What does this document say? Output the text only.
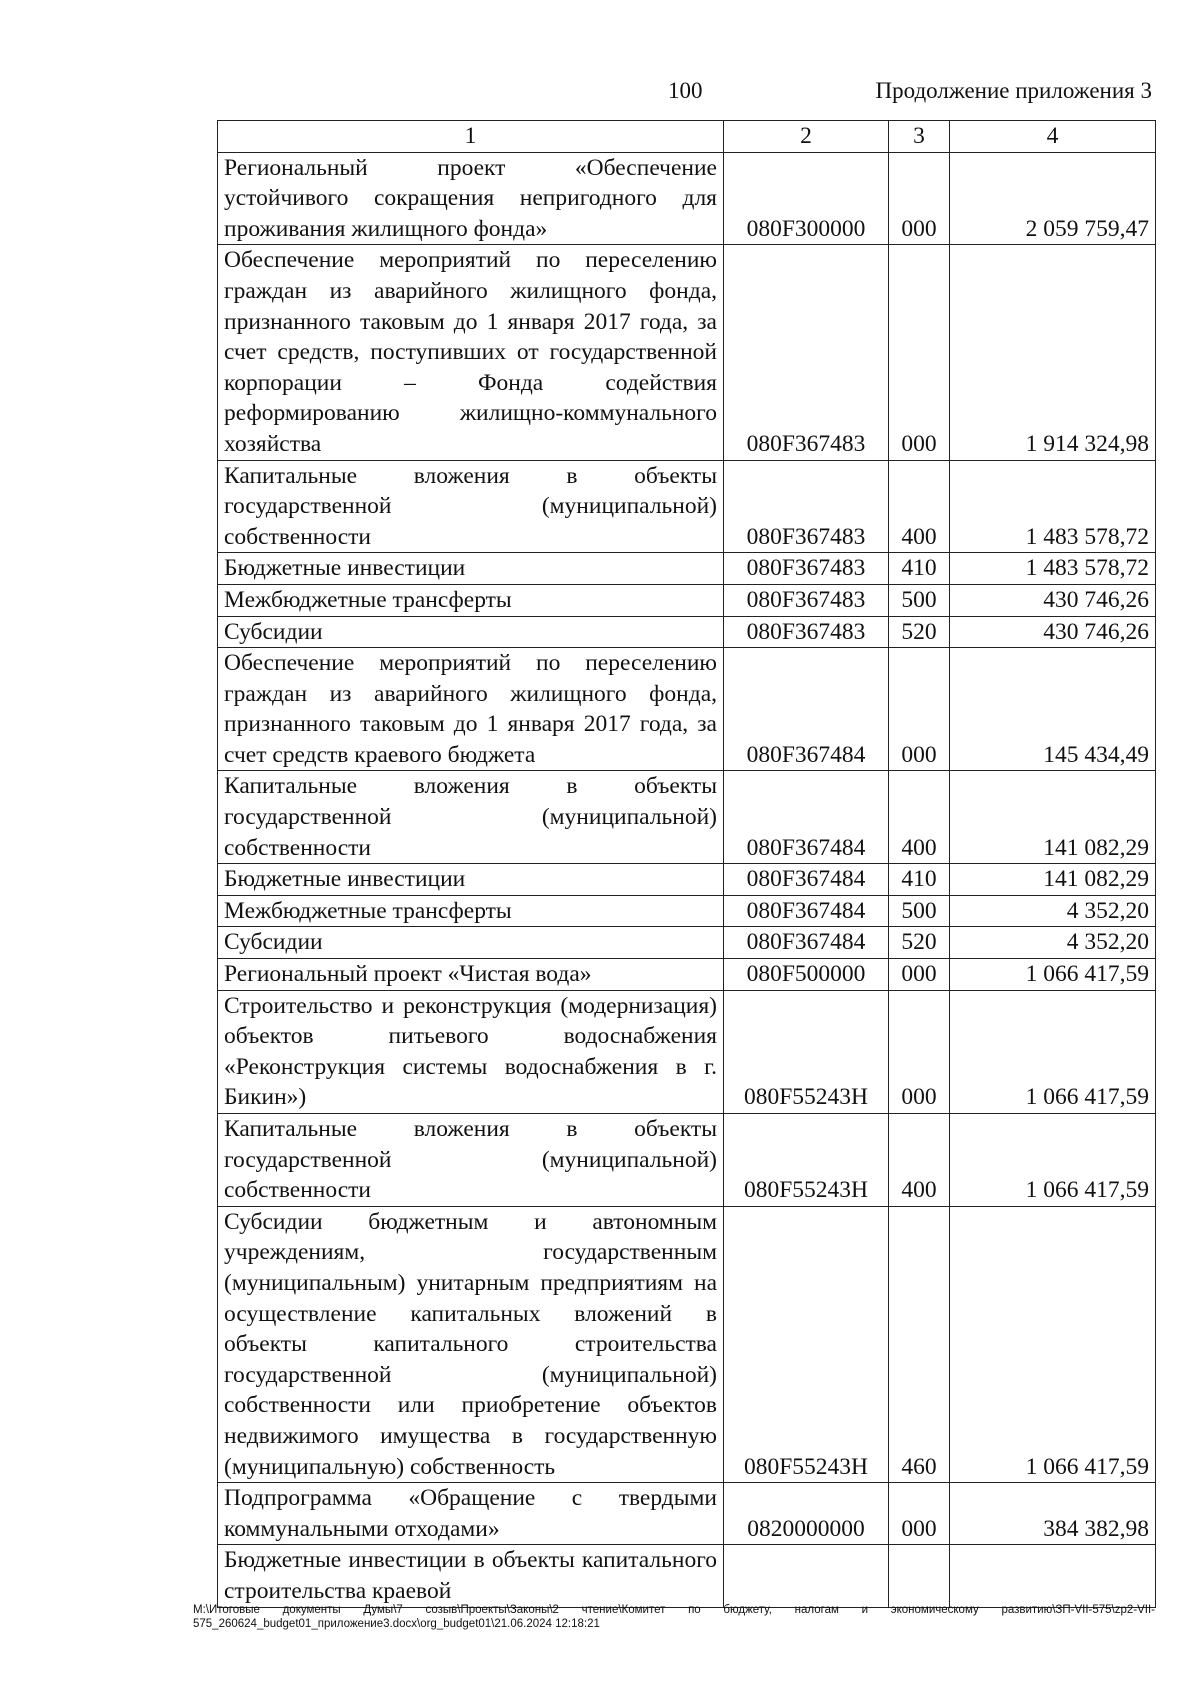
100	Продолжение приложения 3
1	2	3	4
Региональный проект «Обеспечение устойчивого сокращения непригодного для проживания жилищного фонда»	080F300000	000	2 059 759,47
Обеспечение мероприятий по переселению граждан из аварийного жилищного фонда, признанного таковым до 1 января 2017 года, за счет средств, поступивших от государственной корпорации – Фонда содействия реформированию жилищно-коммунального хозяйства	080F367483	000	1 914 324,98
Капитальные вложения в объекты государственной (муниципальной) собственности	080F367483	400	1 483 578,72
Бюджетные инвестиции	080F367483	410	1 483 578,72
Межбюджетные трансферты	080F367483	500	430 746,26
Субсидии	080F367483	520	430 746,26
Обеспечение мероприятий по переселению граждан из аварийного жилищного фонда, признанного таковым до 1 января 2017 года, за счет средств краевого бюджета	080F367484	000	145 434,49
Капитальные вложения в объекты государственной (муниципальной) собственности	080F367484	400	141 082,29
Бюджетные инвестиции	080F367484	410	141 082,29
Межбюджетные трансферты	080F367484	500	4 352,20
Субсидии	080F367484	520	4 352,20
Региональный проект «Чистая вода»	080F500000	000	1 066 417,59
Строительство и реконструкция (модернизация) объектов питьевого водоснабжения «Реконструкция системы водоснабжения в г. Бикин»)	080F55243Н	000	1 066 417,59
Капитальные вложения в объекты государственной (муниципальной) собственности	080F55243Н	400	1 066 417,59
Субсидии бюджетным и автономным учреждениям, государственным (муниципальным) унитарным предприятиям на осуществление капитальных вложений в объекты капитального строительства государственной (муниципальной) собственности или приобретение объектов недвижимого имущества в государственную (муниципальную) собственность	080F55243Н	460	1 066 417,59
Подпрограмма «Обращение с твердыми коммунальными отходами»	0820000000	000	384 382,98
Бюджетные инвестиции в объекты капитального строительства краевой			
М:\Итоговые документы Думы\7 созыв\Проекты\Законы\2 чтение\Комитет по бюджету, налогам и экономическому развитию\ЗП-VII-575\zp2-VII-575_260624_budget01_приложение3.docx\org_budget01\21.06.2024 12:18:21
